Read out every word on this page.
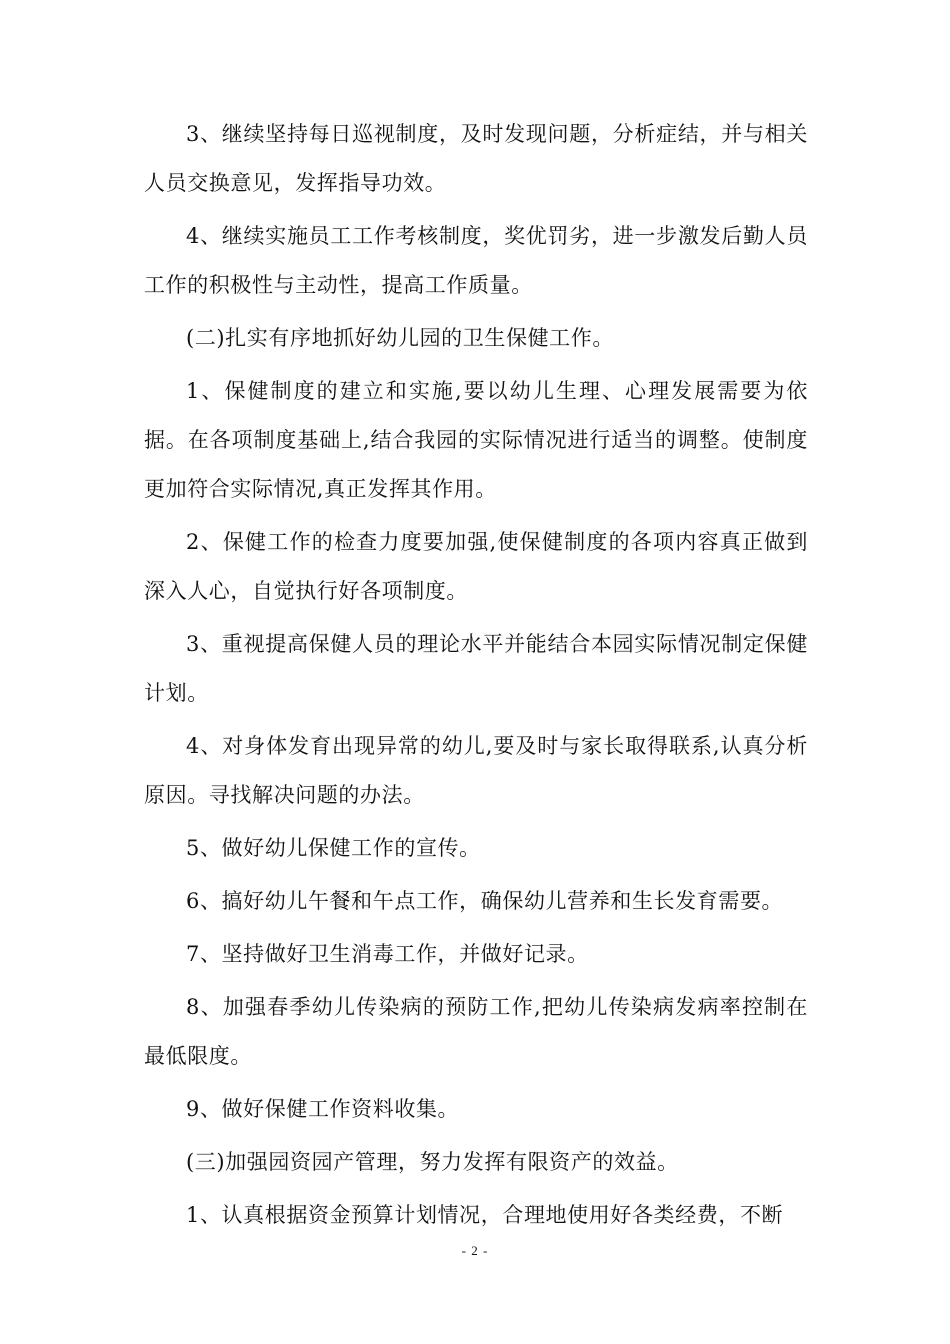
3、继续坚持每日巡视制度，及时发现问题，分析症结，并与相关人员交换意见，发挥指导功效。

4、继续实施员工工作考核制度，奖优罚劣，进一步激发后勤人员工作的积极性与主动性，提高工作质量。

(二)扎实有序地抓好幼儿园的卫生保健工作。

1、保健制度的建立和实施,要以幼儿生理、心理发展需要为依据。在各项制度基础上,结合我园的实际情况进行适当的调整。使制度更加符合实际情况,真正发挥其作用。

2、保健工作的检查力度要加强,使保健制度的各项内容真正做到深入人心，自觉执行好各项制度。

3、重视提高保健人员的理论水平并能结合本园实际情况制定保健计划。

4、对身体发育出现异常的幼儿,要及时与家长取得联系,认真分析原因。寻找解决问题的办法。

5、做好幼儿保健工作的宣传。

6、搞好幼儿午餐和午点工作，确保幼儿营养和生长发育需要。

7、坚持做好卫生消毒工作，并做好记录。

8、加强春季幼儿传染病的预防工作,把幼儿传染病发病率控制在最低限度。

9、做好保健工作资料收集。

(三)加强园资园产管理，努力发挥有限资产的效益。

1、认真根据资金预算计划情况，合理地使用好各类经费，不断

- 2 -
